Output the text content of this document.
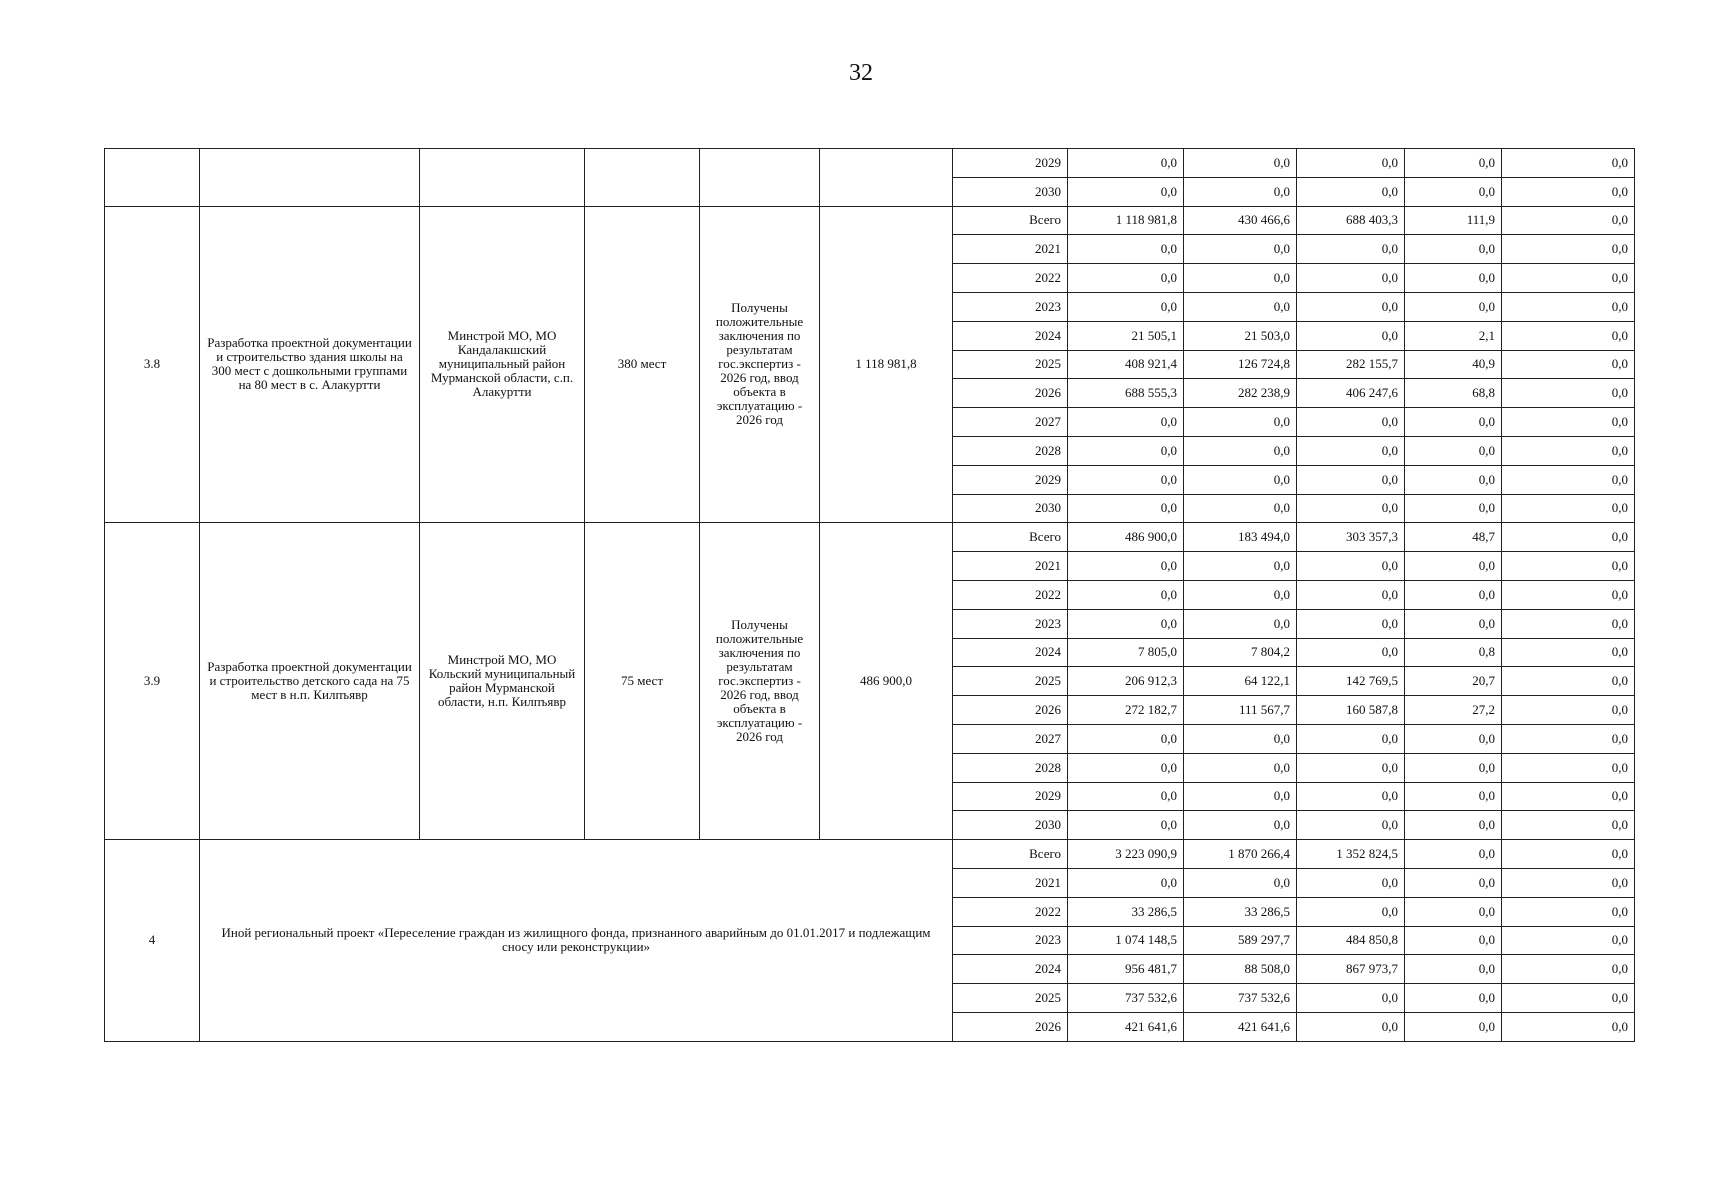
32
						2029	0,0	0,0	0,0	0,0	0,0
						2030	0,0	0,0	0,0	0,0	0,0
3.8	Разработка проектной документации и строительство здания школы на 300 мест с дошкольными группами на 80 мест в с. Алакуртти	Минстрой МО, МО Кандалакшский муниципальный район Мурманской области, с.п. Алакуртти	380 мест	Получены положительные заключения по результатам гос.экспертиз - 2026 год, ввод объекта в эксплуатацию - 2026 год	1 118 981,8	Всего	1 118 981,8	430 466,6	688 403,3	111,9	0,0
						2021	0,0	0,0	0,0	0,0	0,0
						2022	0,0	0,0	0,0	0,0	0,0
						2023	0,0	0,0	0,0	0,0	0,0
						2024	21 505,1	21 503,0	0,0	2,1	0,0
						2025	408 921,4	126 724,8	282 155,7	40,9	0,0
						2026	688 555,3	282 238,9	406 247,6	68,8	0,0
						2027	0,0	0,0	0,0	0,0	0,0
						2028	0,0	0,0	0,0	0,0	0,0
						2029	0,0	0,0	0,0	0,0	0,0
						2030	0,0	0,0	0,0	0,0	0,0
3.9	Разработка проектной документации и строительство детского сада на 75 мест в н.п. Килпъявр	Минстрой МО, МО Кольский муниципальный район Мурманской области, н.п. Килпъявр	75 мест	Получены положительные заключения по результатам гос.экспертиз - 2026 год, ввод объекта в эксплуатацию - 2026 год	486 900,0	Всего	486 900,0	183 494,0	303 357,3	48,7	0,0
						2021	0,0	0,0	0,0	0,0	0,0
						2022	0,0	0,0	0,0	0,0	0,0
						2023	0,0	0,0	0,0	0,0	0,0
						2024	7 805,0	7 804,2	0,0	0,8	0,0
						2025	206 912,3	64 122,1	142 769,5	20,7	0,0
						2026	272 182,7	111 567,7	160 587,8	27,2	0,0
						2027	0,0	0,0	0,0	0,0	0,0
						2028	0,0	0,0	0,0	0,0	0,0
						2029	0,0	0,0	0,0	0,0	0,0
						2030	0,0	0,0	0,0	0,0	0,0
4	Иной региональный проект «Переселение граждан из жилищного фонда, признанного аварийным до 01.01.2017 и подлежащим сносу или реконструкции»					Всего	3 223 090,9	1 870 266,4	1 352 824,5	0,0	0,0
						2021	0,0	0,0	0,0	0,0	0,0
						2022	33 286,5	33 286,5	0,0	0,0	0,0
						2023	1 074 148,5	589 297,7	484 850,8	0,0	0,0
						2024	956 481,7	88 508,0	867 973,7	0,0	0,0
						2025	737 532,6	737 532,6	0,0	0,0	0,0
						2026	421 641,6	421 641,6	0,0	0,0	0,0
